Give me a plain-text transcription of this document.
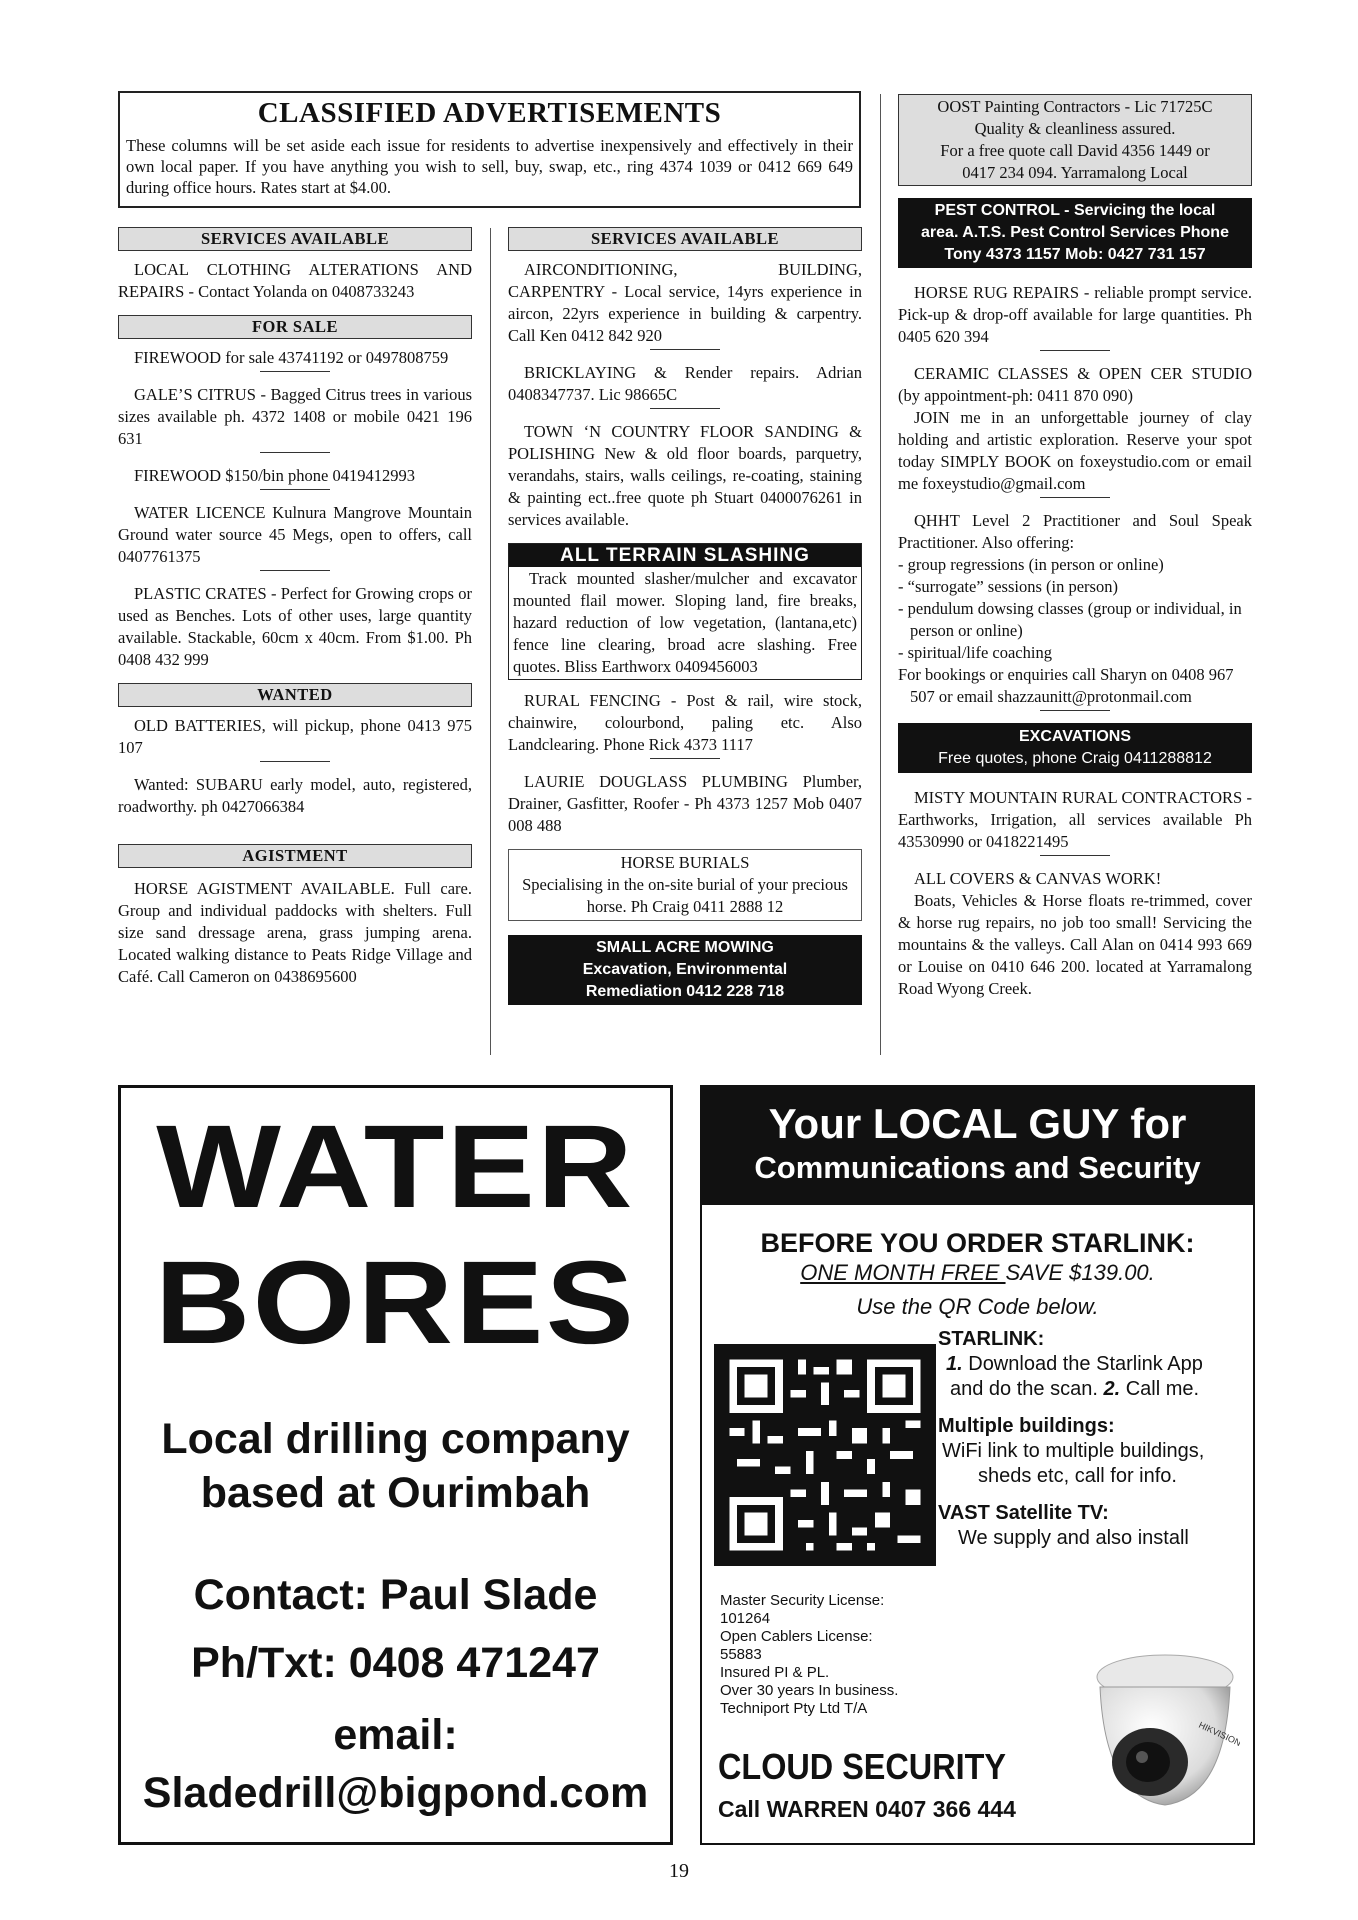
CLASSIFIED ADVERTISEMENTS

These columns will be set aside each issue for residents to advertise inexpensively and effectively in their own local paper. If you have anything you wish to sell, buy, swap, etc., ring 4374 1039 or 0412 669 649 during office hours. Rates start at $4.00.

SERVICES AVAILABLE

LOCAL CLOTHING ALTERATIONS AND REPAIRS - Contact Yolanda on 0408733243

FOR SALE

FIREWOOD for sale 43741192 or 0497808759

GALE’S CITRUS - Bagged Citrus trees in various sizes available ph. 4372 1408 or mobile 0421 196 631

FIREWOOD $150/bin phone 0419412993

WATER LICENCE Kulnura Mangrove Mountain Ground water source 45 Megs, open to offers, call 0407761375

PLASTIC CRATES - Perfect for Growing crops or used as Benches. Lots of other uses, large quantity available. Stackable, 60cm x 40cm. From $1.00. Ph 0408 432 999

WANTED

OLD BATTERIES, will pickup, phone 0413 975 107

Wanted: SUBARU early model, auto, registered, roadworthy. ph 0427066384

AGISTMENT

HORSE AGISTMENT AVAILABLE. Full care. Group and individual paddocks with shelters. Full size sand dressage arena, grass jumping arena. Located walking distance to Peats Ridge Village and Café. Call Cameron on 0438695600

SERVICES AVAILABLE

AIRCONDITIONING, BUILDING, CARPENTRY - Local service, 14yrs experience in aircon, 22yrs experience in building & carpentry. Call Ken 0412 842 920

BRICKLAYING & Render repairs. Adrian 0408347737. Lic 98665C

TOWN ‘N COUNTRY FLOOR SANDING & POLISHING New & old floor boards, parquetry, verandahs, stairs, walls ceilings, re-coating, staining & painting ect..free quote ph Stuart 0400076261 in services available.

ALL TERRAIN SLASHING

Track mounted slasher/mulcher and excavator mounted flail mower. Sloping land, fire breaks, hazard reduction of low vegetation, (lantana,etc) fence line clearing, broad acre slashing. Free quotes. Bliss Earthworx 0409456003

RURAL FENCING - Post & rail, wire stock, chainwire, colourbond, paling etc. Also Landclearing. Phone Rick 4373 1117

LAURIE DOUGLASS PLUMBING Plumber, Drainer, Gasfitter, Roofer - Ph 4373 1257 Mob 0407 008 488

HORSE BURIALS

Specialising in the on-site burial of your precious horse. Ph Craig 0411 2888 12

SMALL ACRE MOWING
Excavation, Environmental
Remediation 0412 228 718
OOST Painting Contractors - Lic 71725C
Quality & cleanliness assured.
For a free quote call David 4356 1449 or
0417 234 094. Yarramalong Local
PEST CONTROL - Servicing the local
area. A.T.S. Pest Control Services Phone
Tony 4373 1157 Mob: 0427 731 157

HORSE RUG REPAIRS - reliable prompt service. Pick-up & drop-off available for large quantities. Ph 0405 620 394

CERAMIC CLASSES & OPEN CER STUDIO (by appointment-ph: 0411 870 090)

JOIN me in an unforgettable journey of clay holding and artistic exploration. Reserve your spot today SIMPLY BOOK on foxeystudio.com or email me foxeystudio@gmail.com

QHHT Level 2 Practitioner and Soul Speak Practitioner. Also offering:

- group regressions (in person or online)
- “surrogate” sessions (in person)
- pendulum dowsing classes (group or individual, in person or online)
- spiritual/life coaching

For bookings or enquiries call Sharyn on 0408 967 507 or email shazzaunitt@protonmail.com

EXCAVATIONS
Free quotes, phone Craig 0411288812

MISTY MOUNTAIN RURAL CONTRACTORS - Earthworks, Irrigation, all services available Ph 43530990 or 0418221495

ALL COVERS & CANVAS WORK!

Boats, Vehicles & Horse floats re-trimmed, cover & horse rug repairs, no job too small! Servicing the mountains & the valleys. Call Alan on 0414 993 669 or Louise on 0410 646 200. located at Yarramalong Road Wyong Creek.

WATER
BORES
Local drilling company
based at Ourimbah
Contact: Paul Slade
Ph/Txt: 0408 471247
email:
Sladedrill@bigpond.com
Your LOCAL GUY for
Communications and Security
BEFORE YOU ORDER STARLINK:
ONE MONTH FREE SAVE $139.00.
Use the QR Code below.
STARLINK:
1. Download the Starlink App
and do the scan. 2. Call me.
Multiple buildings:
WiFi link to multiple buildings,
sheds etc, call for info.
VAST Satellite TV:
We supply and also install
Master Security License:
101264
Open Cablers License:
55883
Insured PI & PL.
Over 30 years In business.
Techniport Pty Ltd T/A
CLOUD SECURITY
Call WARREN 0407 366 444
HIKVISION
19
